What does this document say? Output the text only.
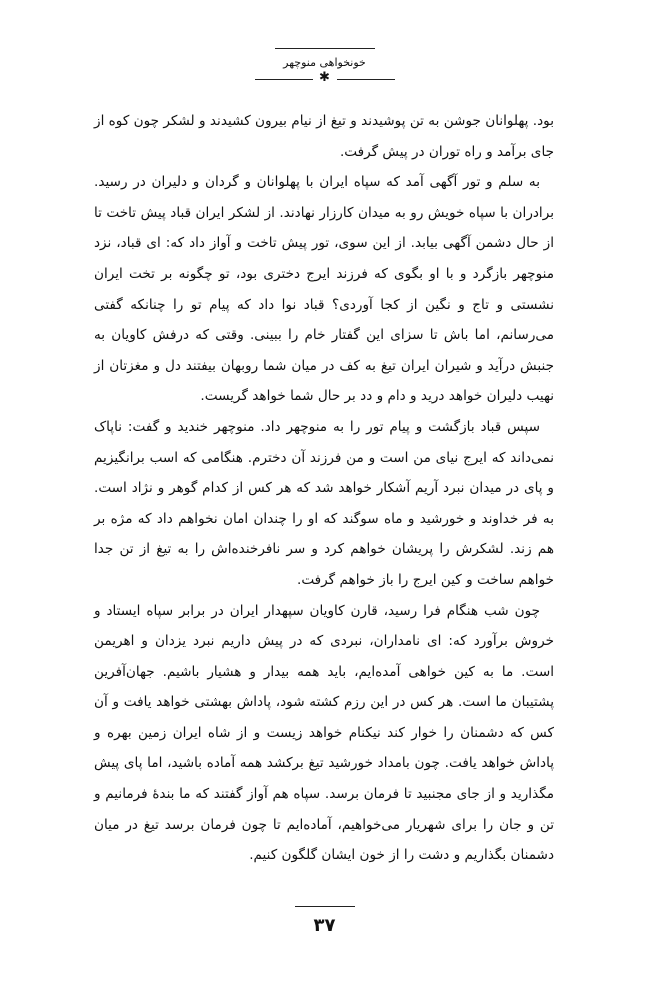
خونخواهی منوچهر
✱

بود. پهلوانان جوشن به تن پوشیدند و تیغ از نیام بیرون کشیدند و لشکر چون کوه از جای برآمد و راه توران در پیش گرفت.

به سلم و تور آگهی آمد که سپاه ایران با پهلوانان و گردان و دلیران در رسید. برادران با سپاه خویش رو به میدان کارزار نهادند. از لشکر ایران قباد پیش تاخت تا از حال دشمن آگهی بیابد. از این سوی، تور پیش تاخت و آواز داد که: ای قباد، نزد منوچهر بازگرد و با او بگوی که فرزند ایرج دختری بود، تو چگونه بر تخت ایران نشستی و تاج و نگین از کجا آوردی؟ قباد نوا داد که پیام تو را چنانکه گفتی می‌رسانم، اما باش تا سزای این گفتار خام را ببینی. وقتی که درفش کاویان به جنبش درآید و شیران ایران تیغ به کف در میان شما روبهان بیفتند دل و مغزتان از نهیب دلیران خواهد درید و دام و دد بر حال شما خواهد گریست.

سپس قباد بازگشت و پیام تور را به منوچهر داد. منوچهر خندید و گفت: ناپاک نمی‌داند که ایرج نیای من است و من فرزند آن دخترم. هنگامی که اسب برانگیزیم و پای در میدان نبرد آریم آشکار خواهد شد که هر کس از کدام گوهر و نژاد است. به فر خداوند و خورشید و ماه سوگند که او را چندان امان نخواهم داد که مژه بر هم زند. لشکرش را پریشان خواهم کرد و سر نافرخنده‌اش را به تیغ از تن جدا خواهم ساخت و کین ایرج را باز خواهم گرفت.

چون شب هنگام فرا رسید، قارن کاویان سپهدار ایران در برابر سپاه ایستاد و خروش برآورد که: ای نامداران، نبردی که در پیش داریم نبرد یزدان و اهریمن است. ما به کین خواهی آمده‌ایم، باید همه بیدار و هشیار باشیم. جهان‌آفرین پشتیبان ما است. هر کس در این رزم کشته شود، پاداش بهشتی خواهد یافت و آن کس که دشمنان را خوار کند نیکنام خواهد زیست و از شاه ایران زمین بهره و پاداش خواهد یافت. چون بامداد خورشید تیغ برکشد همه آماده باشید، اما پای پیش مگذارید و از جای مجنبید تا فرمان برسد. سپاه هم آواز گفتند که ما بندهٔ فرمانیم و تن و جان را برای شهریار می‌خواهیم، آماده‌ایم تا چون فرمان برسد تیغ در میان دشمنان بگذاریم و دشت را از خون ایشان گلگون کنیم.

۳۷
